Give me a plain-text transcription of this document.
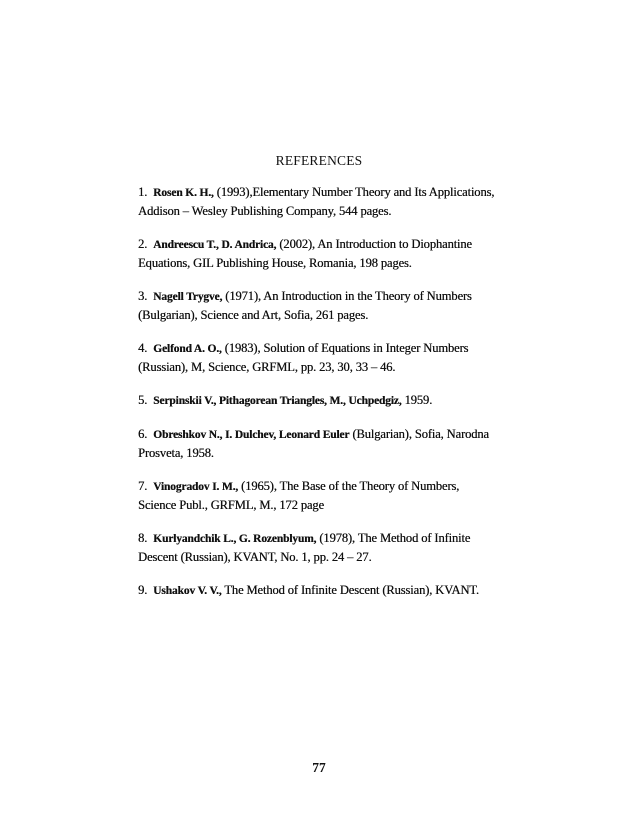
REFERENCES
1. Rosen K. H., (1993),Elementary Number Theory and Its Applications, Addison – Wesley Publishing Company, 544 pages.
2. Andreescu T., D. Andrica, (2002), An Introduction to Diophantine Equations, GIL Publishing House, Romania, 198 pages.
3. Nagell Trygve, (1971), An Introduction in the Theory of Numbers (Bulgarian), Science and Art, Sofia, 261 pages.
4. Gelfond A. O., (1983), Solution of Equations in Integer Numbers (Russian), M, Science, GRFML, pp. 23, 30, 33 – 46.
5. Serpinskii V., Pithagorean Triangles, M., Uchpedgiz, 1959.
6. Obreshkov N., I. Dulchev, Leonard Euler (Bulgarian), Sofia, Narodna Prosveta, 1958.
7. Vinogradov I. M., (1965), The Base of the Theory of Numbers, Science Publ., GRFML, M., 172 page
8. Kurlyandchik L., G. Rozenblyum, (1978), The Method of Infinite Descent (Russian), KVANT, No. 1, pp. 24 – 27.
9. Ushakov V. V., The Method of Infinite Descent (Russian), KVANT.
77
